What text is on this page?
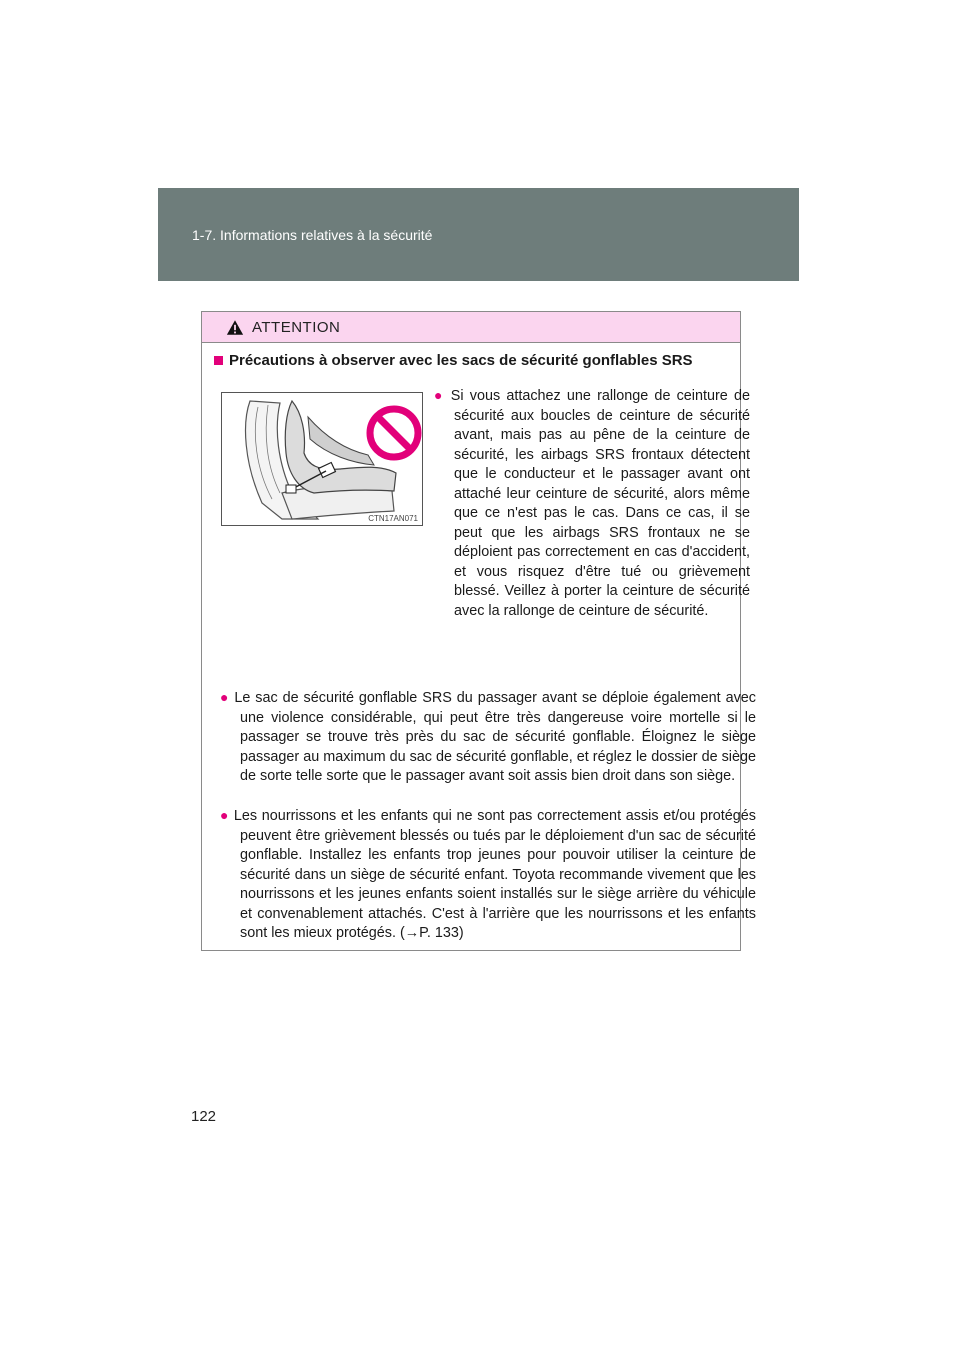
1-7. Informations relatives à la sécurité
ATTENTION
Précautions à observer avec les sacs de sécurité gonflables SRS
CTN17AN071
● Si vous attachez une rallonge de ceinture de sécurité aux boucles de ceinture de sécurité avant, mais pas au pêne de la ceinture de sécurité, les airbags SRS frontaux détectent que le conducteur et le passager avant ont attaché leur ceinture de sécurité, alors même que ce n'est pas le cas. Dans ce cas, il se peut que les airbags SRS frontaux ne se déploient pas correctement en cas d'accident, et vous risquez d'être tué ou grièvement blessé. Veillez à porter la ceinture de sécurité avec la rallonge de ceinture de sécurité.
● Le sac de sécurité gonflable SRS du passager avant se déploie également avec une violence considérable, qui peut être très dangereuse voire mortelle si le passager se trouve très près du sac de sécurité gonflable. Éloignez le siège passager au maximum du sac de sécurité gonflable, et réglez le dossier de siège de sorte telle sorte que le passager avant soit assis bien droit dans son siège.
● Les nourrissons et les enfants qui ne sont pas correctement assis et/ou protégés peuvent être grièvement blessés ou tués par le déploiement d'un sac de sécurité gonflable. Installez les enfants trop jeunes pour pouvoir utiliser la ceinture de sécurité dans un siège de sécurité enfant. Toyota recommande vivement que les nourrissons et les jeunes enfants soient installés sur le siège arrière du véhicule et convenablement attachés. C'est à l'arrière que les nourrissons et les enfants sont les mieux protégés. (→P. 133)
122
